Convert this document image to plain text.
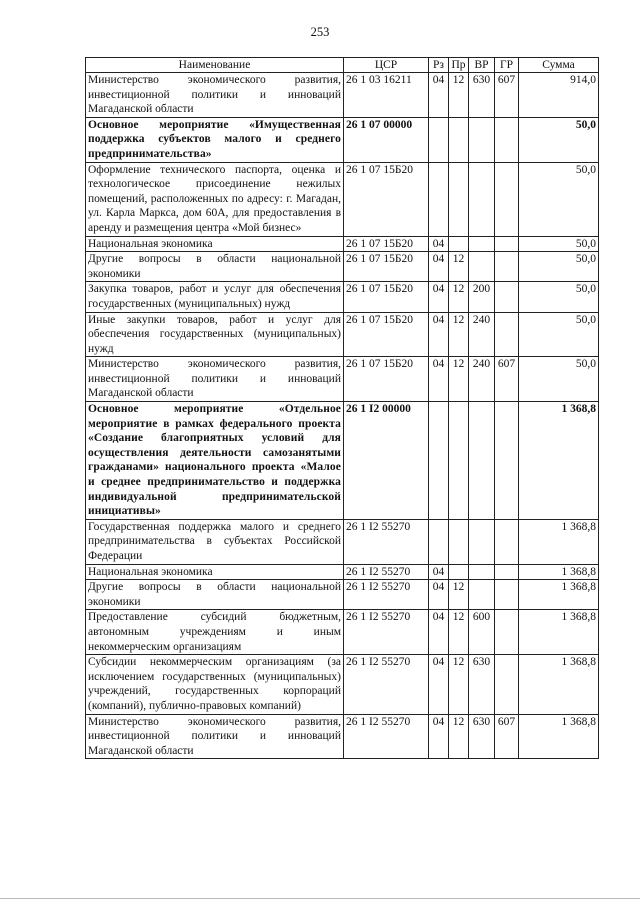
253
Наименование	ЦСР	Рз	Пр	ВР	ГР	Сумма
Министерство экономического развития, инвестиционной политики и инноваций Магаданской области	26 1 03 16211	04	12	630	607	914,0
Основное мероприятие «Имущественная поддержка субъектов малого и среднего предпринимательства»	26 1 07 00000					50,0
Оформление технического паспорта, оценка и технологическое присоединение нежилых помещений, расположенных по адресу: г. Магадан, ул. Карла Маркса, дом 60А, для предоставления в аренду и размещения центра «Мой бизнес»	26 1 07 15Б20					50,0
Национальная экономика	26 1 07 15Б20	04				50,0
Другие вопросы в области национальной экономики	26 1 07 15Б20	04	12			50,0
Закупка товаров, работ и услуг для обеспечения государственных (муниципальных) нужд	26 1 07 15Б20	04	12	200		50,0
Иные закупки товаров, работ и услуг для обеспечения государственных (муниципальных) нужд	26 1 07 15Б20	04	12	240		50,0
Министерство экономического развития, инвестиционной политики и инноваций Магаданской области	26 1 07 15Б20	04	12	240	607	50,0
Основное мероприятие «Отдельное мероприятие в рамках федерального проекта «Создание благоприятных условий для осуществления деятельности самозанятыми гражданами» национального проекта «Малое и среднее предпринимательство и поддержка индивидуальной предпринимательской инициативы»	26 1 I2 00000					1 368,8
Государственная поддержка малого и среднего предпринимательства в субъектах Российской Федерации	26 1 I2 55270					1 368,8
Национальная экономика	26 1 I2 55270	04				1 368,8
Другие вопросы в области национальной экономики	26 1 I2 55270	04	12			1 368,8
Предоставление субсидий бюджетным, автономным учреждениям и иным некоммерческим организациям	26 1 I2 55270	04	12	600		1 368,8
Субсидии некоммерческим организациям (за исключением государственных (муниципальных) учреждений, государственных корпораций (компаний), публично-правовых компаний)	26 1 I2 55270	04	12	630		1 368,8
Министерство экономического развития, инвестиционной политики и инноваций Магаданской области	26 1 I2 55270	04	12	630	607	1 368,8
